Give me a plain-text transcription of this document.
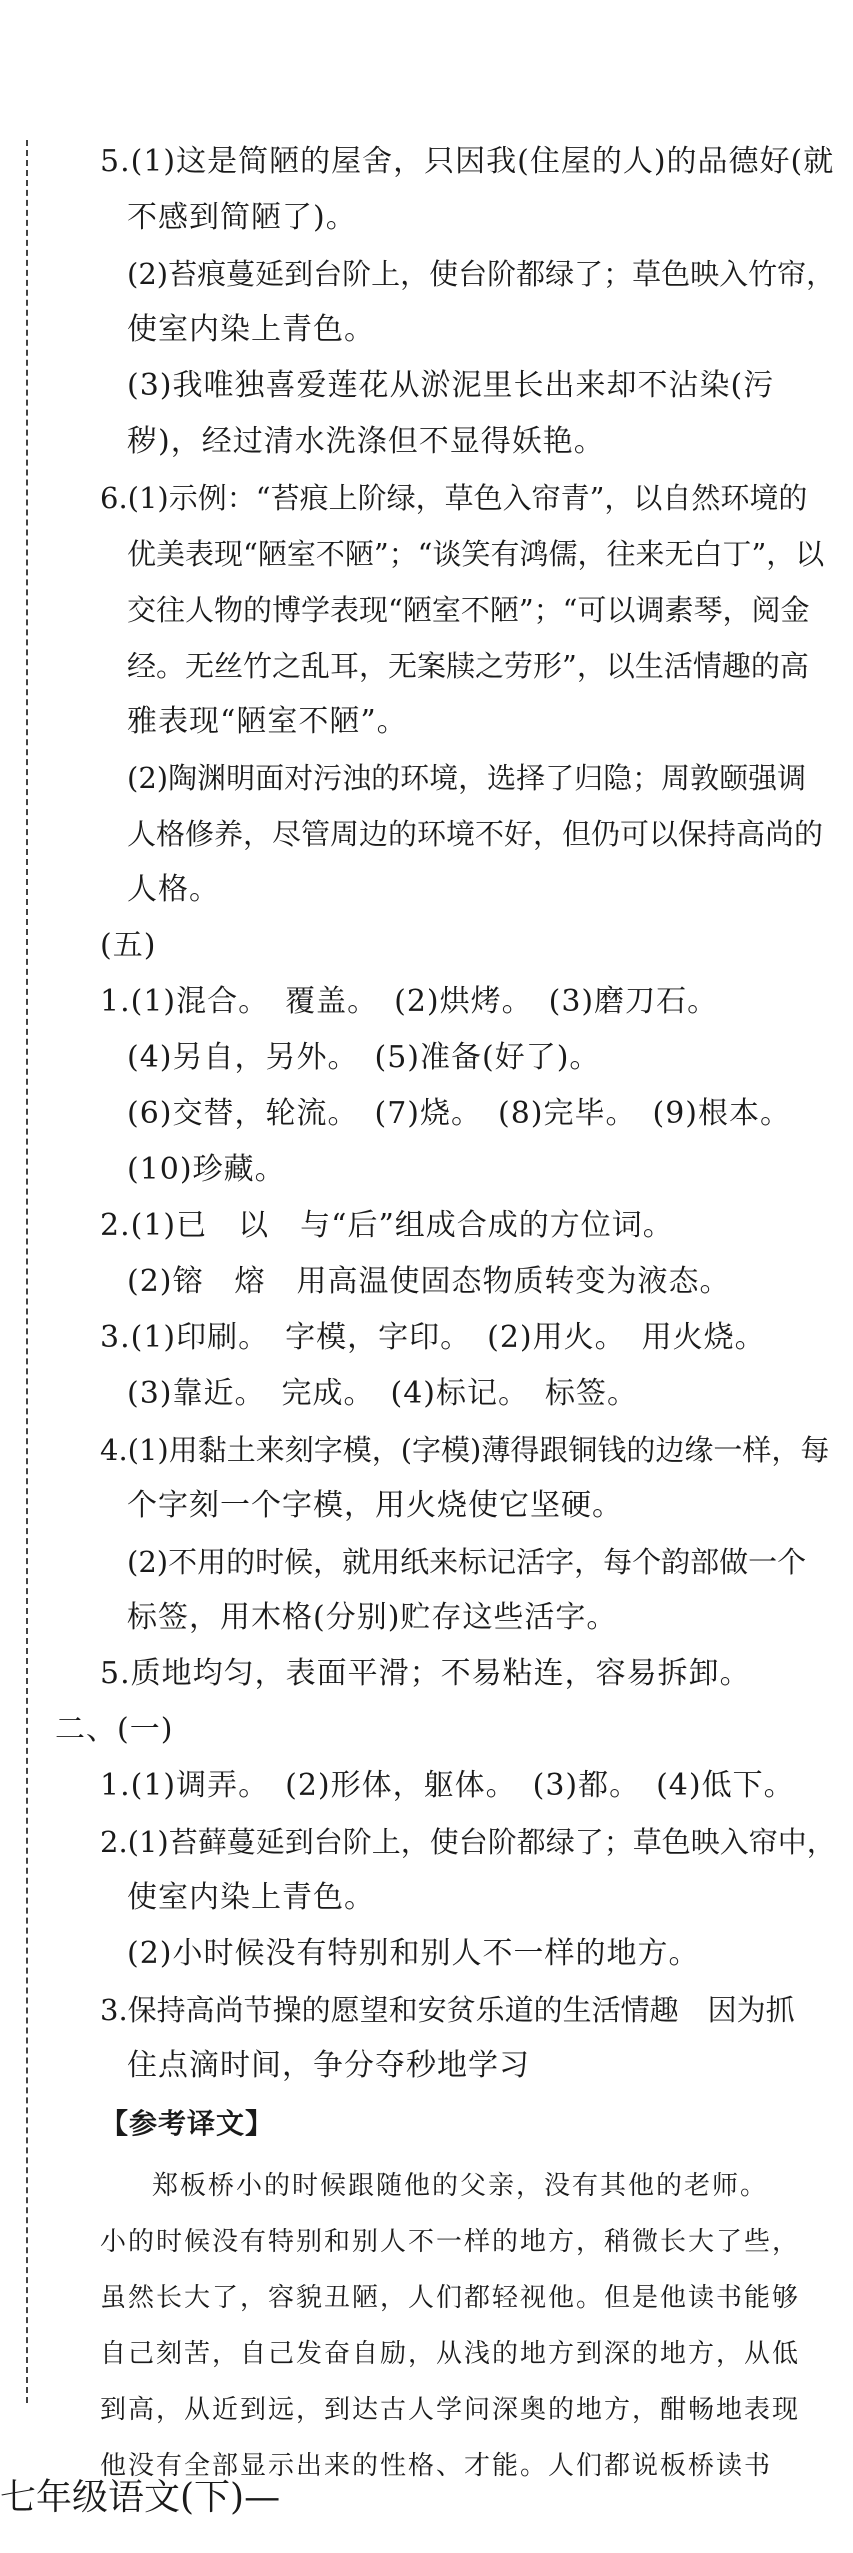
5.(1)这是简陋的屋舍，只因我(住屋的人)的品德好(就
不感到简陋了)。
(2)苔痕蔓延到台阶上，使台阶都绿了；草色映入竹帘，
使室内染上青色。
(3)我唯独喜爱莲花从淤泥里长出来却不沾染(污
秽)，经过清水洗涤但不显得妖艳。
6.(1)示例：“苔痕上阶绿，草色入帘青”，以自然环境的
优美表现“陋室不陋”；“谈笑有鸿儒，往来无白丁”，以
交往人物的博学表现“陋室不陋”；“可以调素琴，阅金
经。无丝竹之乱耳，无案牍之劳形”，以生活情趣的高
雅表现“陋室不陋”。
(2)陶渊明面对污浊的环境，选择了归隐；周敦颐强调
人格修养，尽管周边的环境不好，但仍可以保持高尚的
人格。
(五)
1.(1)混合。　覆盖。　(2)烘烤。　(3)磨刀石。
(4)另自，另外。　(5)准备(好了)。
(6)交替，轮流。　(7)烧。　(8)完毕。　(9)根本。
(10)珍藏。
2.(1)已　以　与“后”组成合成的方位词。
(2)镕　熔　用高温使固态物质转变为液态。
3.(1)印刷。　字模，字印。　(2)用火。　用火烧。
(3)靠近。　完成。　(4)标记。　标签。
4.(1)用黏土来刻字模，(字模)薄得跟铜钱的边缘一样，每
个字刻一个字模，用火烧使它坚硬。
(2)不用的时候，就用纸来标记活字，每个韵部做一个
标签，用木格(分别)贮存这些活字。
5.质地均匀，表面平滑；不易粘连，容易拆卸。
二、(一)
1.(1)调弄。　(2)形体，躯体。　(3)都。　(4)低下。
2.(1)苔藓蔓延到台阶上，使台阶都绿了；草色映入帘中，
使室内染上青色。
(2)小时候没有特别和别人不一样的地方。
3.保持高尚节操的愿望和安贫乐道的生活情趣　因为抓
住点滴时间，争分夺秒地学习
【参考译文】
郑板桥小的时候跟随他的父亲，没有其他的老师。
小的时候没有特别和别人不一样的地方，稍微长大了些，
虽然长大了，容貌丑陋，人们都轻视他。但是他读书能够
自己刻苦，自己发奋自励，从浅的地方到深的地方，从低
到高，从近到远，到达古人学问深奥的地方，酣畅地表现
他没有全部显示出来的性格、才能。人们都说板桥读书
七年级语文(下)—
